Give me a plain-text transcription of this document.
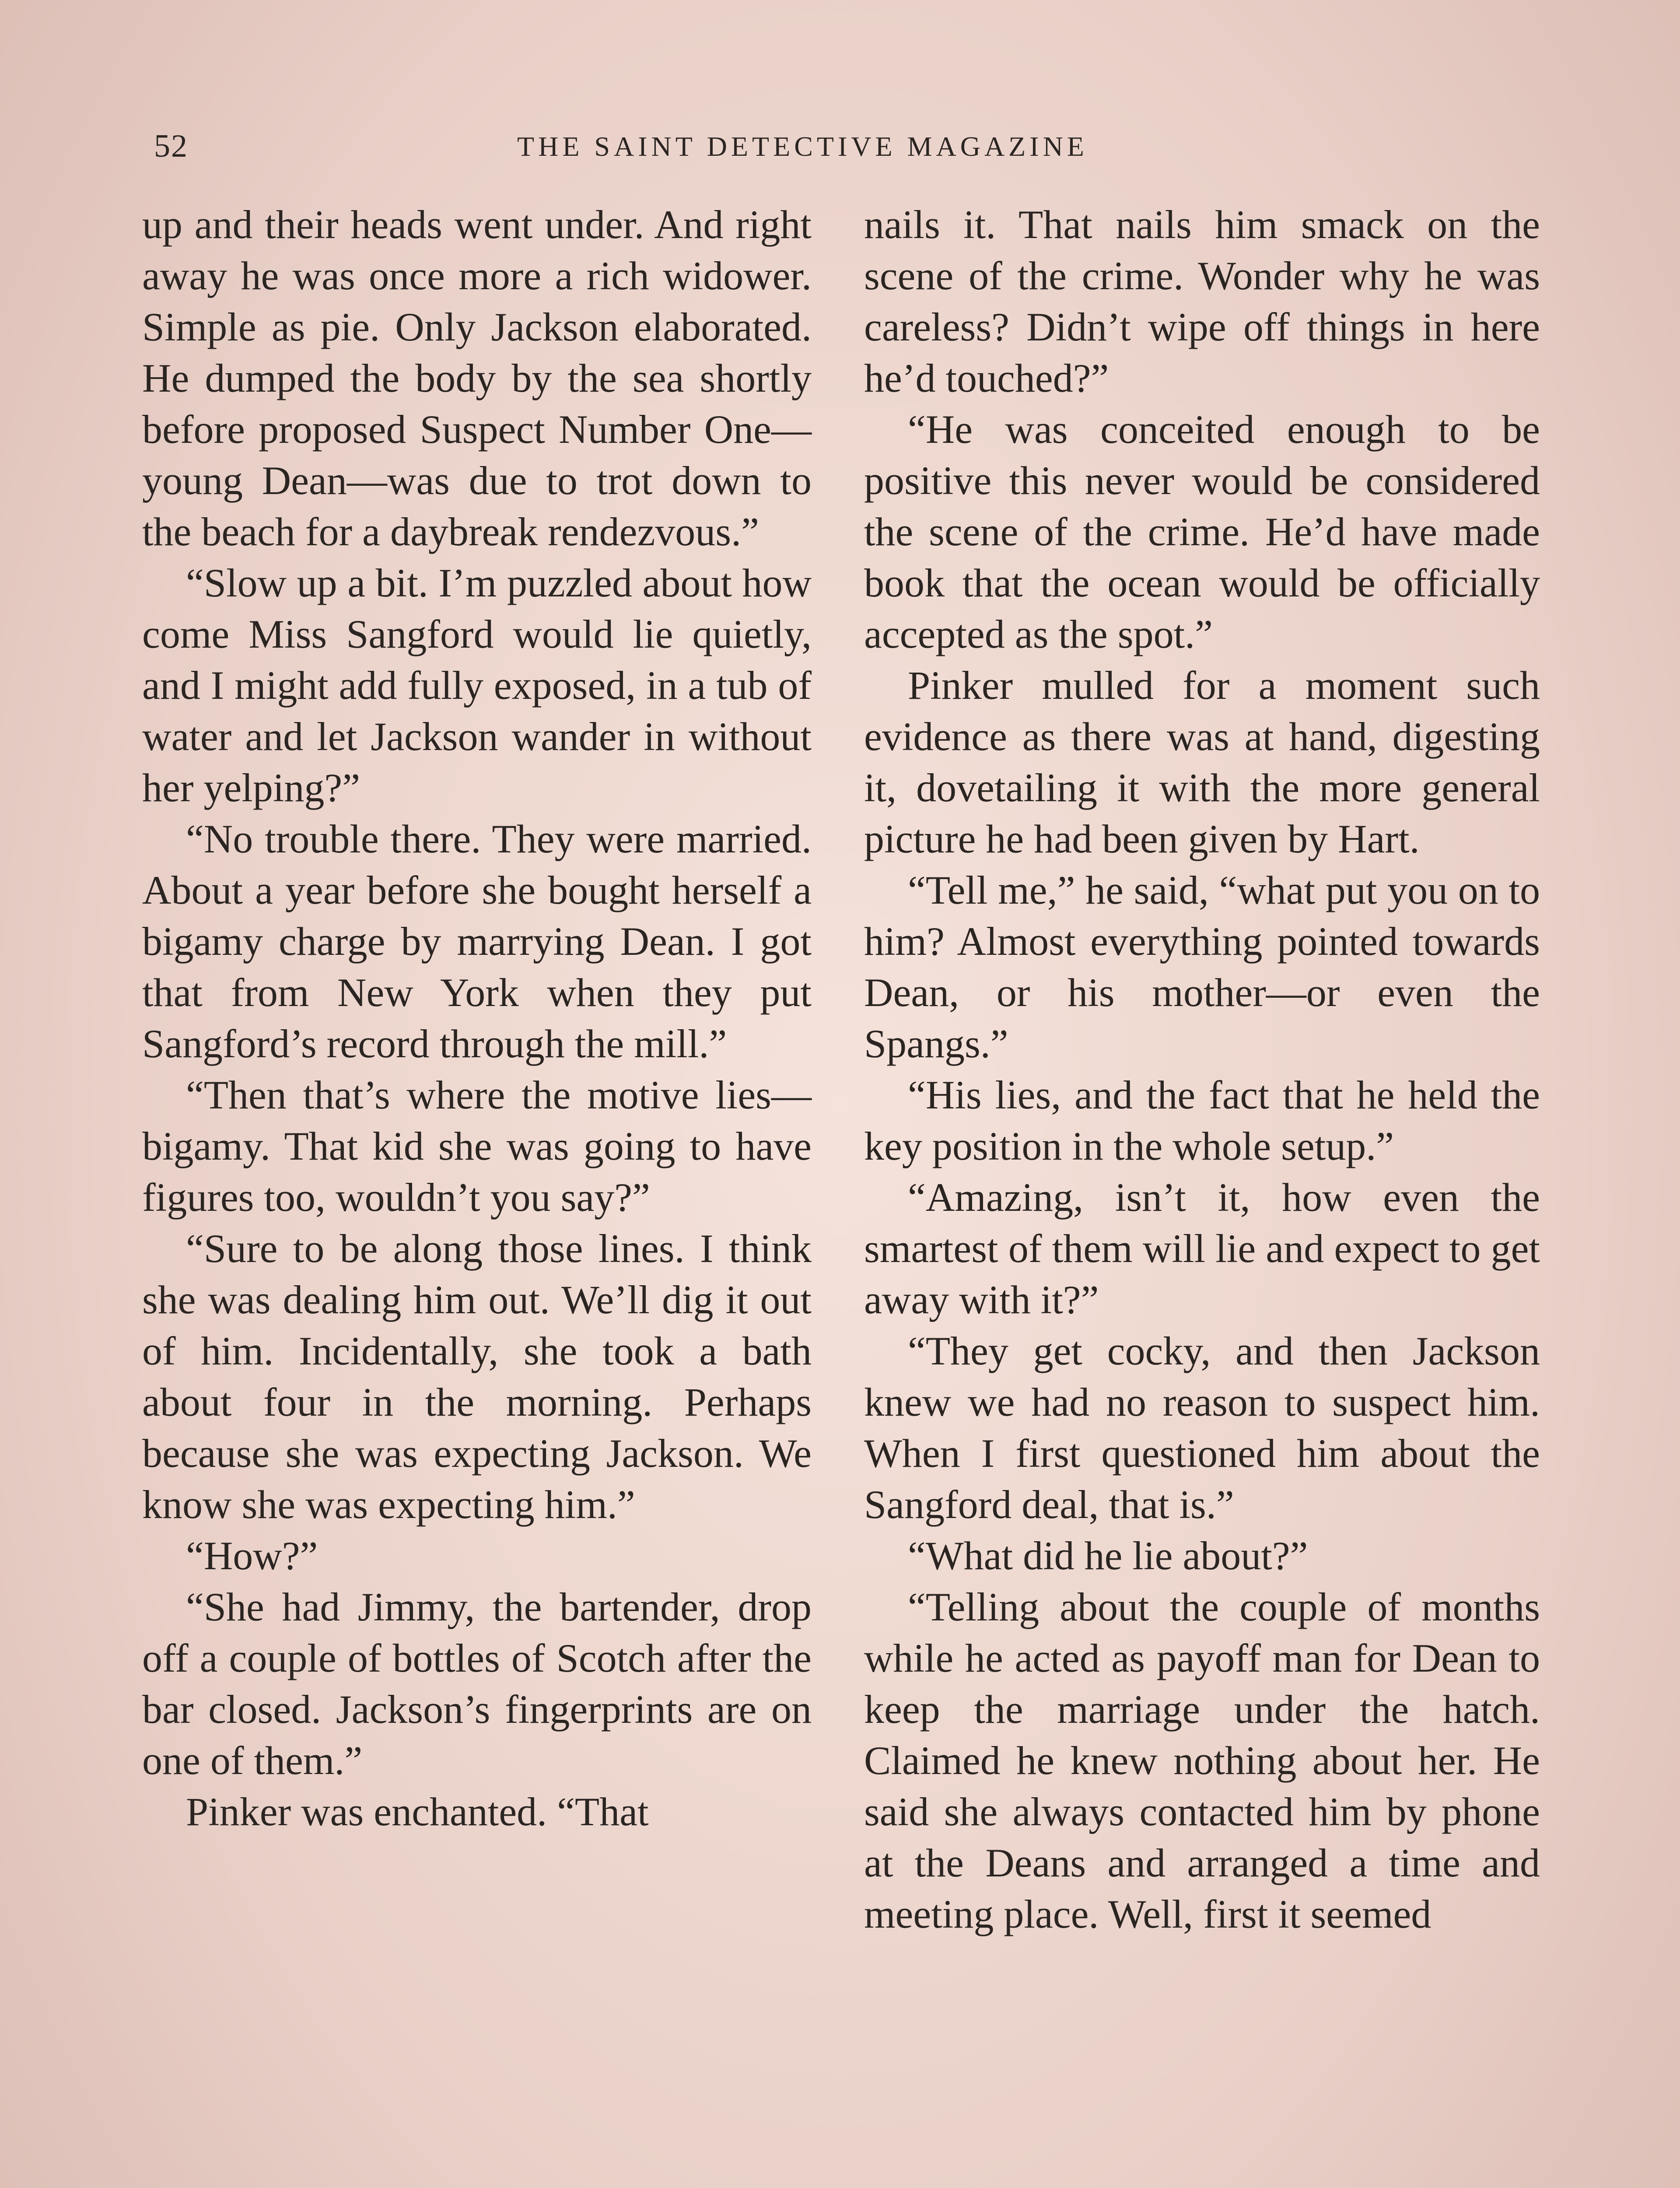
52	THE SAINT DETECTIVE MAGAZINE

up and their heads went under. And right away he was once more a rich widower. Simple as pie. Only Jackson elaborated. He dumped the body by the sea shortly before proposed Suspect Number One—young Dean—was due to trot down to the beach for a daybreak rendezvous.”

“Slow up a bit. I’m puzzled about how come Miss Sangford would lie quietly, and I might add fully exposed, in a tub of water and let Jackson wander in without her yelping?”

“No trouble there. They were married. About a year before she bought herself a bigamy charge by marrying Dean. I got that from New York when they put Sangford’s record through the mill.”

“Then that’s where the motive lies—bigamy. That kid she was going to have figures too, wouldn’t you say?”

“Sure to be along those lines. I think she was dealing him out. We’ll dig it out of him. Incidentally, she took a bath about four in the morning. Perhaps because she was expecting Jackson. We know she was expecting him.”

“How?”

“She had Jimmy, the bartender, drop off a couple of bottles of Scotch after the bar closed. Jackson’s fingerprints are on one of them.”

Pinker was enchanted. “That

nails it. That nails him smack on the scene of the crime. Wonder why he was careless? Didn’t wipe off things in here he’d touched?”

“He was conceited enough to be positive this never would be considered the scene of the crime. He’d have made book that the ocean would be officially accepted as the spot.”

Pinker mulled for a moment such evidence as there was at hand, digesting it, dovetailing it with the more general picture he had been given by Hart.

“Tell me,” he said, “what put you on to him? Almost everything pointed towards Dean, or his mother—or even the Spangs.”

“His lies, and the fact that he held the key position in the whole setup.”

“Amazing, isn’t it, how even the smartest of them will lie and expect to get away with it?”

“They get cocky, and then Jackson knew we had no reason to suspect him. When I first questioned him about the Sangford deal, that is.”

“What did he lie about?”

“Telling about the couple of months while he acted as payoff man for Dean to keep the marriage under the hatch. Claimed he knew nothing about her. He said she always contacted him by phone at the Deans and arranged a time and meeting place. Well, first it seemed
